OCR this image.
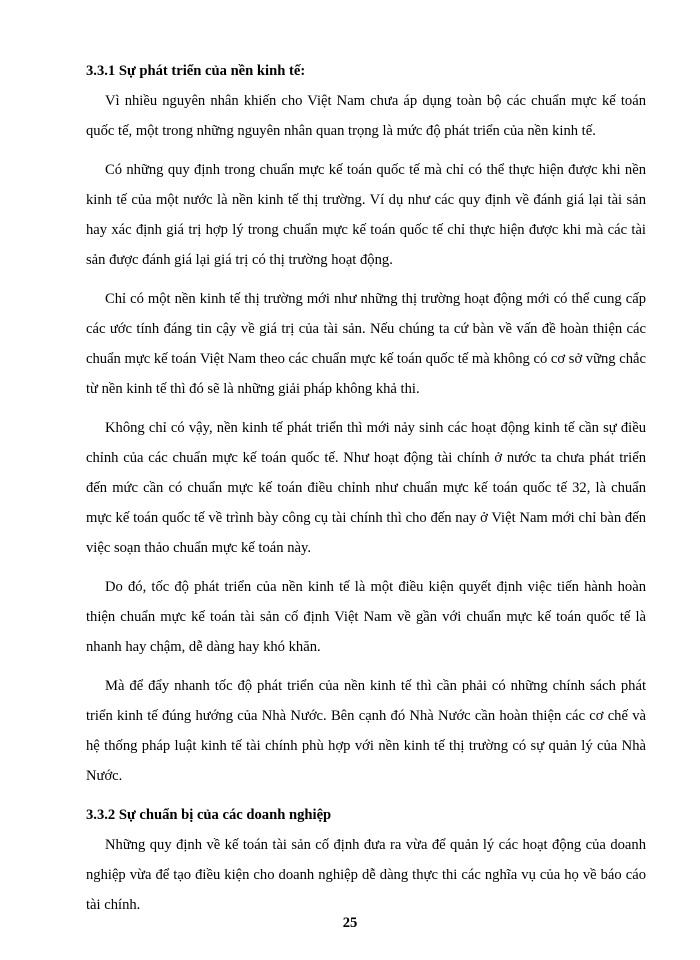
3.3.1 Sự phát triển của nền kinh tế:

Vì nhiều nguyên nhân khiến cho Việt Nam chưa áp dụng toàn bộ các chuẩn mực kế toán quốc tế, một trong những nguyên nhân quan trọng là mức độ phát triển của nền kinh tế.

Có những quy định trong chuẩn mực kế toán quốc tế mà chỉ có thể thực hiện được khi nền kinh tế của một nước là nền kinh tế thị trường. Ví dụ như các quy định về đánh giá lại tài sản hay xác định giá trị hợp lý trong chuẩn mực kế toán quốc tế chỉ thực hiện được khi mà các tài sản được đánh giá lại giá trị có thị trường hoạt động.

Chỉ có một nền kinh tế thị trường mới như những thị trường hoạt động mới có thể cung cấp các ước tính đáng tin cậy về giá trị của tài sản. Nếu chúng ta cứ bàn về vấn đề hoàn thiện các chuẩn mực kế toán Việt Nam theo các chuẩn mực kế toán quốc tế mà không có cơ sở vững chắc từ nền kinh tế thì đó sẽ là những giải pháp không khả thi.

Không chỉ có vậy, nền kinh tế phát triển thì mới nảy sinh các hoạt động kinh tế cần sự điều chỉnh của các chuẩn mực kế toán quốc tế. Như hoạt động tài chính ở nước ta chưa phát triển đến mức cần có chuẩn mực kế toán điều chỉnh như chuẩn mực kế toán quốc tế 32, là chuẩn mực kế toán quốc tế về trình bày công cụ tài chính thì cho đến nay ở Việt Nam mới chỉ bàn đến việc soạn thảo chuẩn mực kế toán này.

Do đó, tốc độ phát triển của nền kinh tế là một điều kiện quyết định việc tiến hành hoàn thiện chuẩn mực kế toán tài sản cố định Việt Nam về gần với chuẩn mực kế toán quốc tế là nhanh hay chậm, dễ dàng hay khó khăn.

Mà để đẩy nhanh tốc độ phát triển của nền kinh tế thì cần phải có những chính sách phát triển kinh tế đúng hướng của Nhà Nước. Bên cạnh đó Nhà Nước cần hoàn thiện các cơ chế và hệ thống pháp luật kinh tế tài chính phù hợp với nền kinh tế thị trường có sự quản lý của Nhà Nước.

3.3.2 Sự chuẩn bị của các doanh nghiệp

Những quy định về kế toán tài sản cố định đưa ra vừa để quản lý các hoạt động của doanh nghiệp vừa để tạo điều kiện cho doanh nghiệp dễ dàng thực thi các nghĩa vụ của họ về báo cáo tài chính.

25
